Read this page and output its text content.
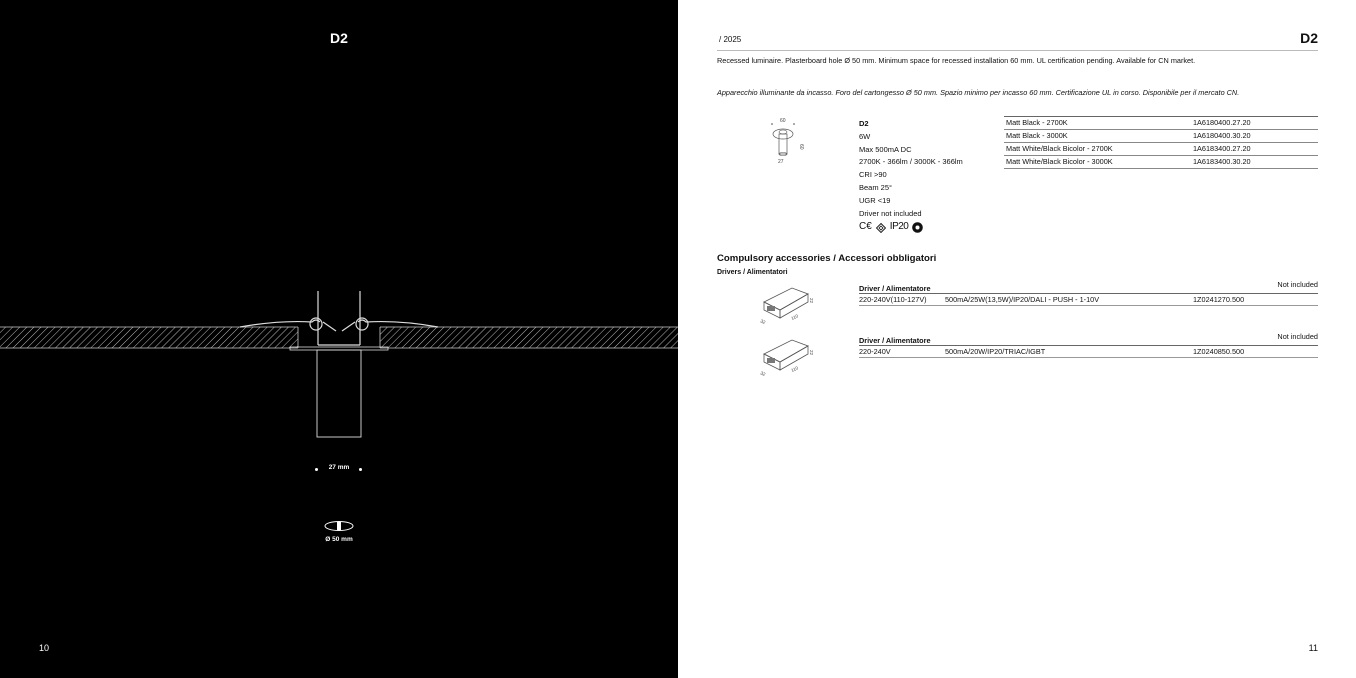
D2
27 mm
Ø 50 mm
10
/ 2025	D2
Recessed luminaire. Plasterboard hole Ø 50 mm. Minimum space for recessed installation 60 mm. UL certification pending. Available for CN market.
Apparecchio illuminante da incasso. Foro del cartongesso Ø 50 mm. Spazio minimo per incasso 60 mm. Certificazione UL in corso. Disponibile per il mercato CN.
60
60
27
D2
6W
Max 500mA DC
2700K - 366lm / 3000K - 366lm
CRI >90
Beam 25°
UGR <19
Driver not included
C€ IP20
Matt Black - 2700K	1A6180400.27.20
Matt Black - 3000K	1A6180400.30.20
Matt White/Black Bicolor - 2700K	1A6183400.27.20
Matt White/Black Bicolor - 3000K	1A6183400.30.20
Compulsory accessories / Accessori obbligatori
Drivers / Alimentatori
22
110
32
22
110
32
Driver / Alimentatore	Not included
220-240V(110-127V)	500mA/25W(13,5W)/IP20/DALI - PUSH - 1-10V	1Z0241270.500
Driver / Alimentatore	Not included
220-240V	500mA/20W/IP20/TRIAC/IGBT	1Z0240850.500
11
